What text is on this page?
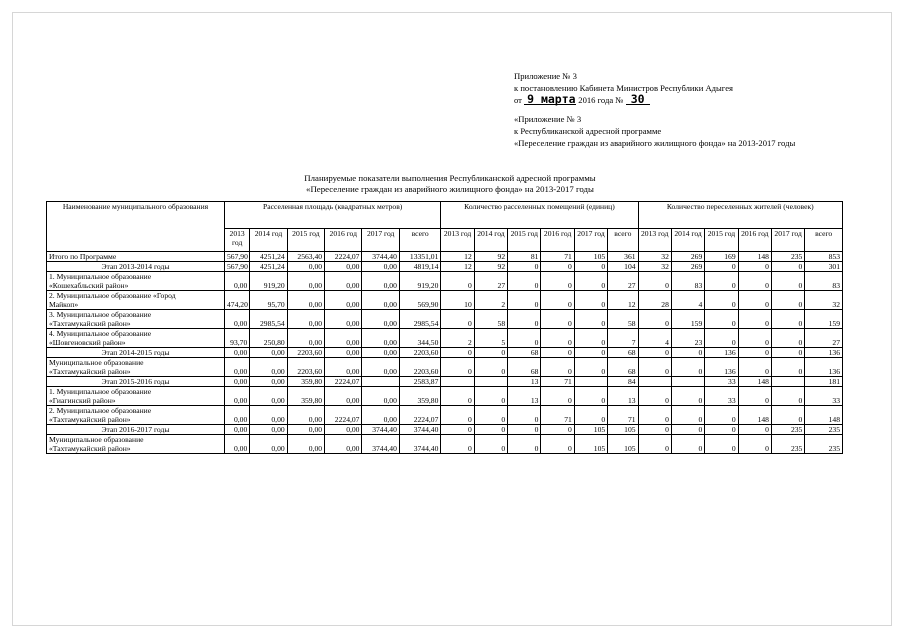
Приложение № 3
к постановлению Кабинета Министров Республики Адыгея
от 9 марта 2016 года № 30
«Приложение № 3
к Республиканской адресной программе
«Переселение граждан из аварийного жилищного фонда» на 2013-2017 годы
Планируемые показатели выполнения Республиканской адресной программы
«Переселение граждан из аварийного жилищного фонда» на 2013-2017 годы
Наименование муниципального образования	Расселенная площадь (квадратных метров)						Количество расселенных помещений (единиц)						Количество переселенных жителей (человек)					
	2013 год	2014 год	2015 год	2016 год	2017 год	всего	2013 год	2014 год	2015 год	2016 год	2017 год	всего	2013 год	2014 год	2015 год	2016 год	2017 год	всего

Итого по Программе	567,90	4251,24	2563,40	2224,07	3744,40	13351,01	12	92	81	71	105	361	32	269	169	148	235	853

Этап 2013-2014 годы	567,90	4251,24	0,00	0,00	0,00	4819,14	12	92	0	0	0	104	32	269	0	0	0	301

1. Муниципальное образование
«Кошехабльский район»	0,00	919,20	0,00	0,00	0,00	919,20	0	27	0	0	0	27	0	83	0	0	0	83

2. Муниципальное образование «Город
Майкоп»	474,20	95,70	0,00	0,00	0,00	569,90	10	2	0	0	0	12	28	4	0	0	0	32

3. Муниципальное образование
«Тахтамукайский район»	0,00	2985,54	0,00	0,00	0,00	2985,54	0	58	0	0	0	58	0	159	0	0	0	159

4. Муниципальное образование
«Шовгеновский район»	93,70	250,80	0,00	0,00	0,00	344,50	2	5	0	0	0	7	4	23	0	0	0	27

Этап 2014-2015 годы	0,00	0,00	2203,60	0,00	0,00	2203,60	0	0	68	0	0	68	0	0	136	0	0	136

Муниципальное образование
«Тахтамукайский район»	0,00	0,00	2203,60	0,00	0,00	2203,60	0	0	68	0	0	68	0	0	136	0	0	136

Этап 2015-2016 годы	0,00	0,00	359,80	2224,07		2583,87			13	71		84			33	148		181

1. Муниципальное образование
«Гиагинский район»	0,00	0,00	359,80	0,00	0,00	359,80	0	0	13	0	0	13	0	0	33	0	0	33

2. Муниципальное образование
«Тахтамукайский район»	0,00	0,00	0,00	2224,07	0,00	2224,07	0	0	0	71	0	71	0	0	0	148	0	148

Этап 2016-2017 годы	0,00	0,00	0,00	0,00	3744,40	3744,40	0	0	0	0	105	105	0	0	0	0	235	235

Муниципальное образование
«Тахтамукайский район»	0,00	0,00	0,00	0,00	3744,40	3744,40	0	0	0	0	105	105	0	0	0	0	235	235
